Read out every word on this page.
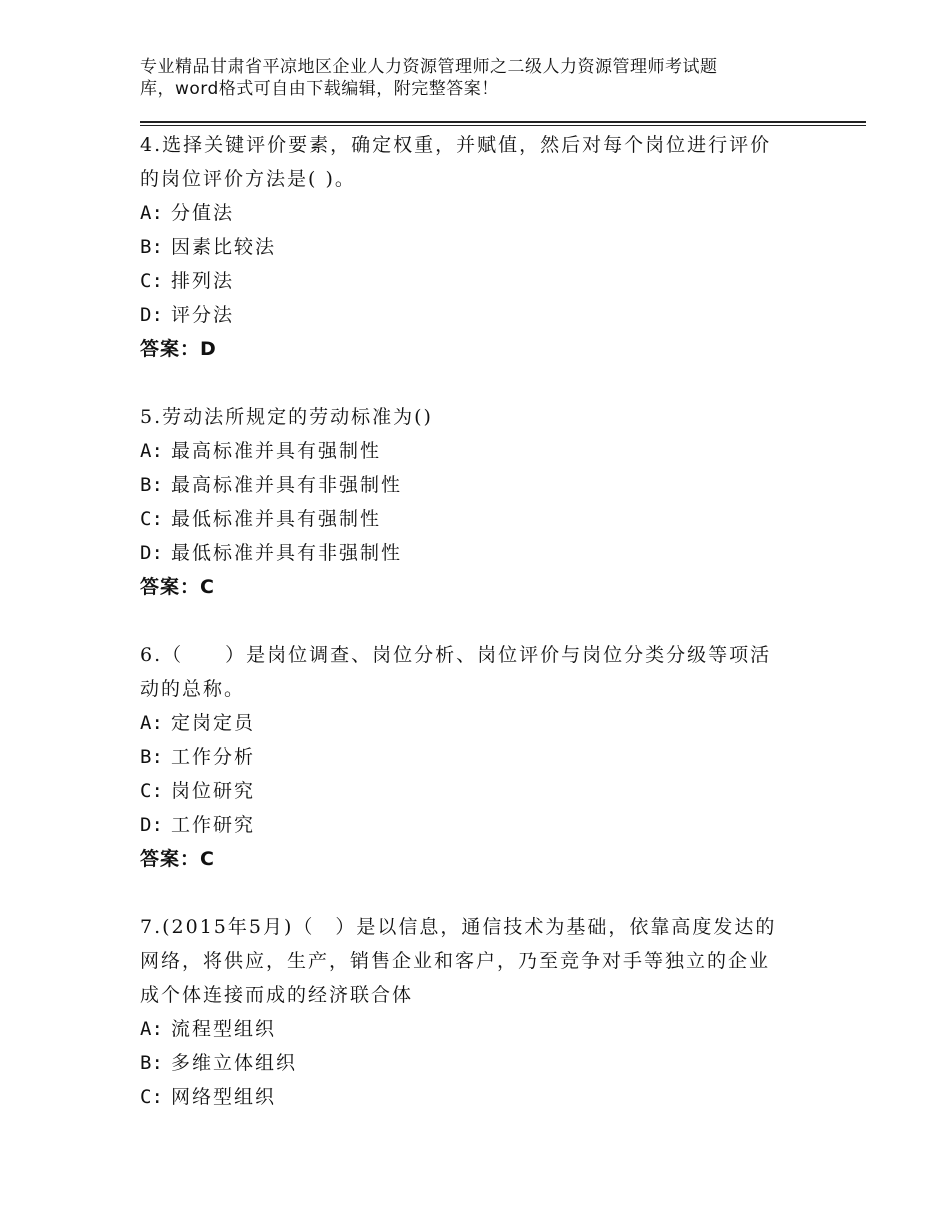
专业精品甘肃省平凉地区企业人力资源管理师之二级人力资源管理师考试题
库，word格式可自由下载编辑，附完整答案！
4.选择关键评价要素，确定权重，并赋值，然后对每个岗位进行评价
的岗位评价方法是( )。
A: 分值法
B: 因素比较法
C: 排列法
D: 评分法
答案：D
5.劳动法所规定的劳动标准为()
A: 最高标准并具有强制性
B: 最高标准并具有非强制性
C: 最低标准并具有强制性
D: 最低标准并具有非强制性
答案：C
6.（　　）是岗位调查、岗位分析、岗位评价与岗位分类分级等项活
动的总称。
A: 定岗定员
B: 工作分析
C: 岗位研究
D: 工作研究
答案：C
7.(2015年5月)（　）是以信息，通信技术为基础，依靠高度发达的
网络，将供应，生产，销售企业和客户，乃至竞争对手等独立的企业
成个体连接而成的经济联合体
A: 流程型组织
B: 多维立体组织
C: 网络型组织
